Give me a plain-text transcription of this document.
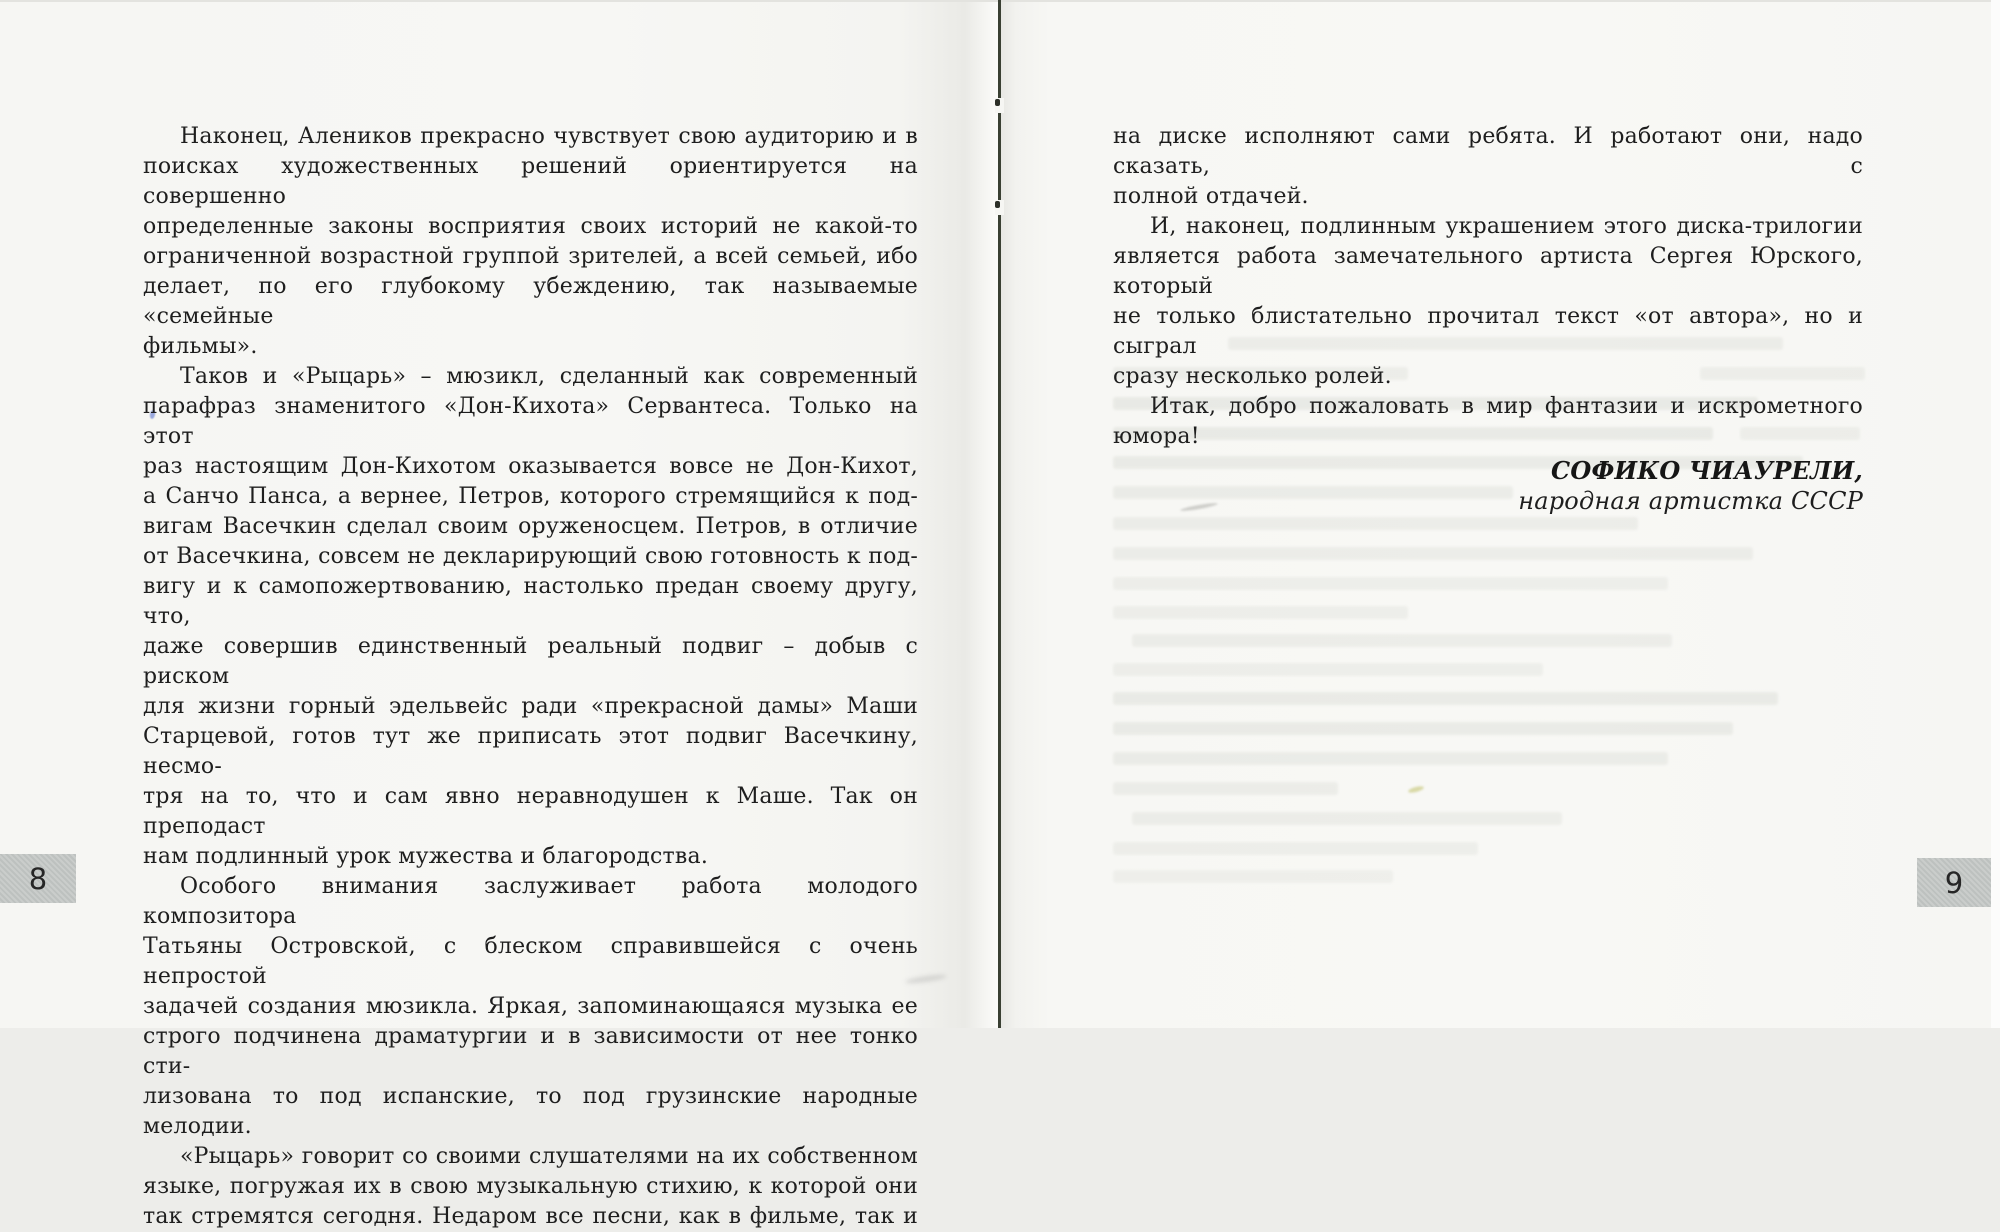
Наконец, Алеников прекрасно чувствует свою аудиторию и в
поисках художественных решений ориентируется на совершенно
определенные законы восприятия своих историй не какой-то
ограниченной возрастной группой зрителей, а всей семьей, ибо
делает, по его глубокому убеждению, так называемые «семейные
фильмы».
Таков и «Рыцарь» – мюзикл, сделанный как современный
парафраз знаменитого «Дон-Кихота» Сервантеса. Только на этот
раз настоящим Дон-Кихотом оказывается вовсе не Дон-Кихот,
а Санчо Панса, а вернее, Петров, которого стремящийся к под-
вигам Васечкин сделал своим оруженосцем. Петров, в отличие
от Васечкина, совсем не декларирующий свою готовность к под-
вигу и к самопожертвованию, настолько предан своему другу, что,
даже совершив единственный реальный подвиг – добыв с риском
для жизни горный эдельвейс ради «прекрасной дамы» Маши
Старцевой, готов тут же приписать этот подвиг Васечкину, несмо-
тря на то, что и сам явно неравнодушен к Маше. Так он преподаст
нам подлинный урок мужества и благородства.
Особого внимания заслуживает работа молодого композитора
Татьяны Островской, с блеском справившейся с очень непростой
задачей создания мюзикла. Яркая, запоминающаяся музыка ее
строго подчинена драматургии и в зависимости от нее тонко сти-
лизована то под испанские, то под грузинские народные мелодии.
«Рыцарь» говорит со своими слушателями на их собственном
языке, погружая их в свою музыкальную стихию, к которой они
так стремятся сегодня. Недаром все песни, как в фильме, так и
на диске исполняют сами ребята. И работают они, надо сказать, с
полной отдачей.
И, наконец, подлинным украшением этого диска-трилогии
является работа замечательного артиста Сергея Юрского, который
не только блистательно прочитал текст «от автора», но и сыграл
сразу несколько ролей.
Итак, добро пожаловать в мир фантазии и искрометного
юмора!
СОФИКО ЧИАУРЕЛИ,
народная артистка СССР
8	9
